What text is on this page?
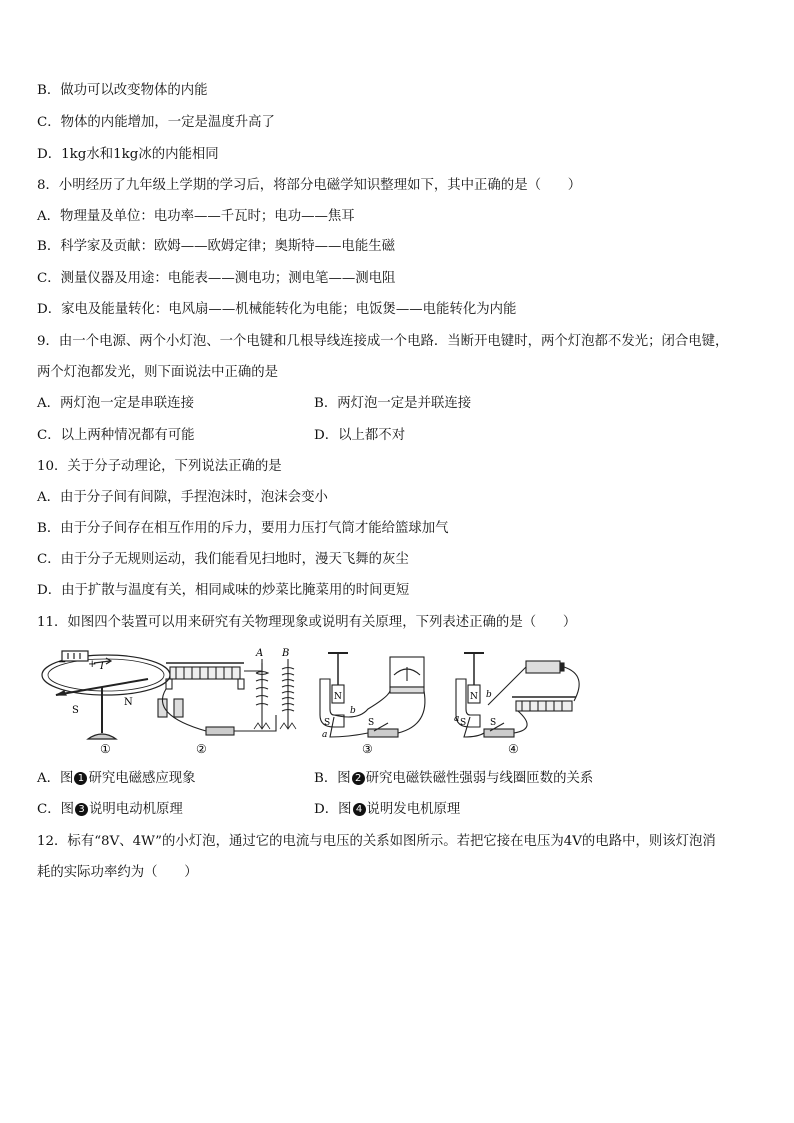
B．做功可以改变物体的内能
C．物体的内能增加，一定是温度升高了
D．1kg水和1kg冰的内能相同
8．小明经历了九年级上学期的学习后，将部分电磁学知识整理如下，其中正确的是（　　）
A．物理量及单位：电功率——千瓦时；电功——焦耳
B．科学家及贡献：欧姆——欧姆定律；奥斯特——电能生磁
C．测量仪器及用途：电能表——测电功；测电笔——测电阻
D．家电及能量转化：电风扇——机械能转化为电能；电饭煲——电能转化为内能
9．由一个电源、两个小灯泡、一个电键和几根导线连接成一个电路．当断开电键时，两个灯泡都不发光；闭合电键，
两个灯泡都发光，则下面说法中正确的是
A．两灯泡一定是串联连接	B．两灯泡一定是并联连接
C．以上两种情况都有可能	D．以上都不对
10．关于分子动理论，下列说法正确的是
A．由于分子间有间隙，手捏泡沫时，泡沫会变小
B．由于分子间存在相互作用的斥力，要用力压打气筒才能给篮球加气
C．由于分子无规则运动，我们能看见扫地时，漫天飞舞的灰尘
D．由于扩散与温度有关，相同咸味的炒菜比腌菜用的时间更短
11．如图四个装置可以用来研究有关物理现象或说明有关原理，下列表述正确的是（　　）
+
−	I
S
N
①
A B
②
N
S
a
b
S
③
N
S
a
b
S
④
A．图 1 研究电磁感应现象	B．图 2 研究电磁铁磁性强弱与线圈匝数的关系
C．图 3 说明电动机原理	D．图 4 说明发电机原理
12．标有“8V、4W”的小灯泡，通过它的电流与电压的关系如图所示。若把它接在电压为4V的电路中，则该灯泡消
耗的实际功率约为（　　）
